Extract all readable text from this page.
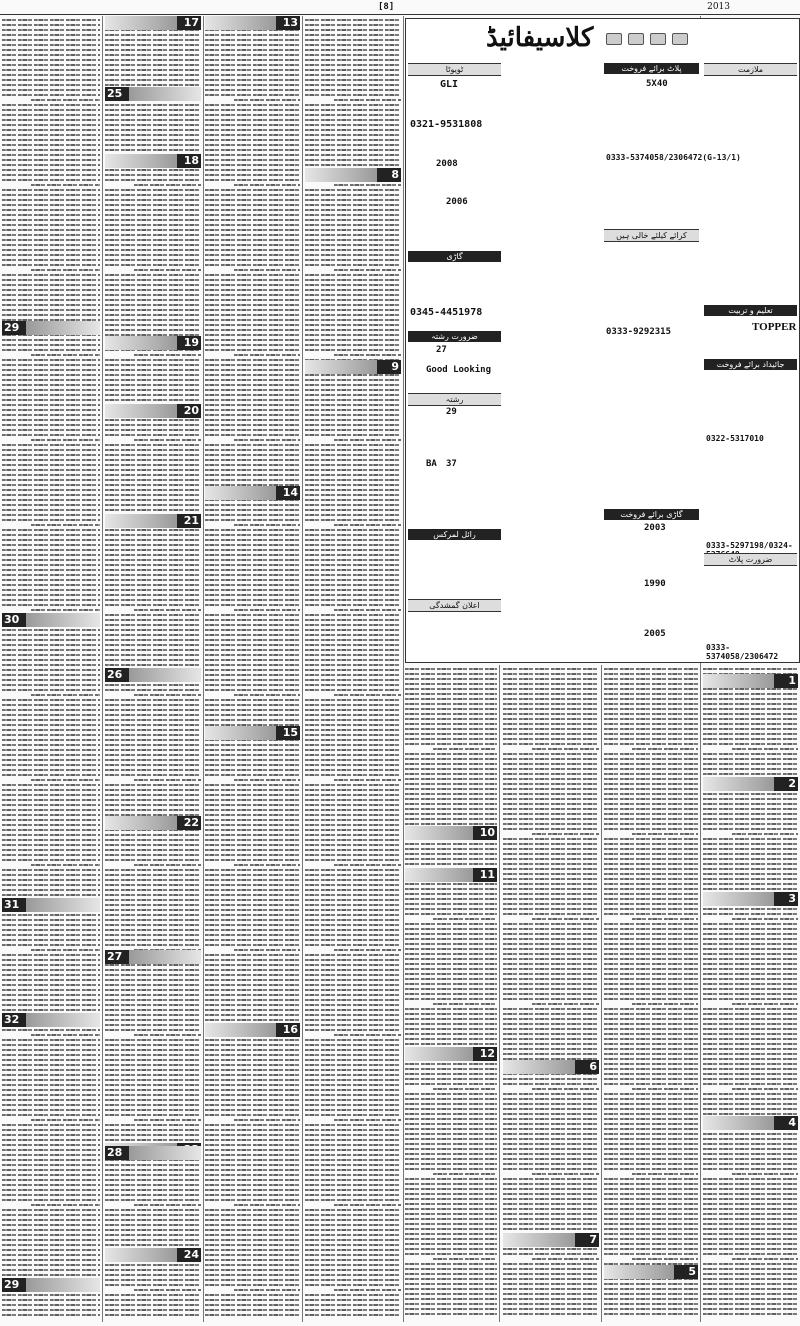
[8]	2013
کلاسیفائیڈ
پلاٹ برائے فروخت	ملازمت
ٹویوٹا
GLI	5X40
0321-9531808
2006
2008
گاڑی
0345-4451978
ضرورت رشتہ
27
Good Looking
رشتہ
29
37
BA
رائل لمرکس
اعلان گمشدگی
کرائے کیلئے خالی ہیں
0333-9292315
گاڑی برائے فروخت
2003
1990
2005
0333-5374058/2306472(G-13/1)
تعلیم و تربیت
TOPPER
جائیداد برائے فروخت
0322-5317010
0333-5297198/0324-
ضرورت پلاٹ
0333-5374058/2306472
1
2
3
4
5
6
7
8
9
10
11
12
13
14
15
16
17
18
19
20
21
22
24
25
26
27
29
30
31
32
29
28
